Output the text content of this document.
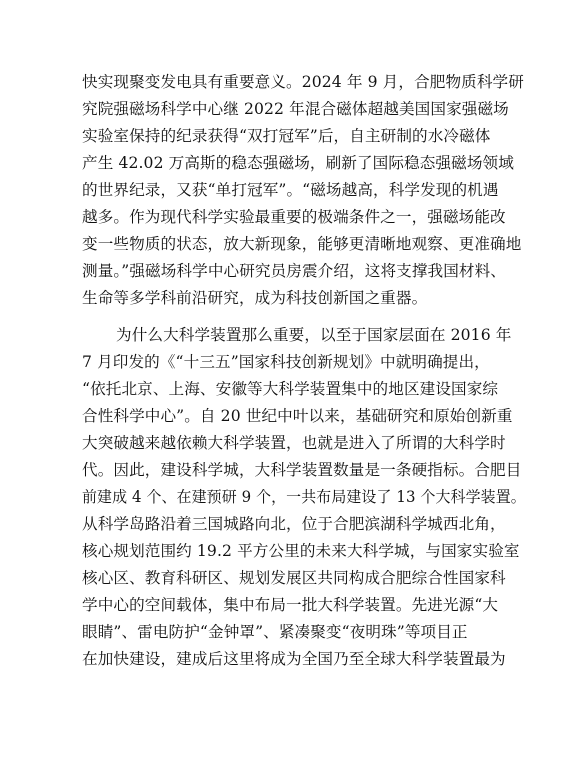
快实现聚变发电具有重要意义。2024 年 9 月，合肥物质科学研
究院强磁场科学中心继 2022 年混合磁体超越美国国家强磁场
实验室保持的纪录获得“双打冠军”后，自主研制的水冷磁体
产生 42.02 万高斯的稳态强磁场，刷新了国际稳态强磁场领域
的世界纪录，又获“单打冠军”。“磁场越高，科学发现的机遇
越多。作为现代科学实验最重要的极端条件之一，强磁场能改
变一些物质的状态，放大新现象，能够更清晰地观察、更准确地
测量。”强磁场科学中心研究员房震介绍，这将支撑我国材料、
生命等多学科前沿研究，成为科技创新国之重器。
为什么大科学装置那么重要，以至于国家层面在 2016 年
7 月印发的《“十三五”国家科技创新规划》中就明确提出，
“依托北京、上海、安徽等大科学装置集中的地区建设国家综
合性科学中心”。自 20 世纪中叶以来，基础研究和原始创新重
大突破越来越依赖大科学装置，也就是进入了所谓的大科学时
代。因此，建设科学城，大科学装置数量是一条硬指标。合肥目
前建成 4 个、在建预研 9 个，一共布局建设了 13 个大科学装置。
从科学岛路沿着三国城路向北，位于合肥滨湖科学城西北角，
核心规划范围约 19.2 平方公里的未来大科学城，与国家实验室
核心区、教育科研区、规划发展区共同构成合肥综合性国家科
学中心的空间载体，集中布局一批大科学装置。先进光源“大
眼睛”、雷电防护“金钟罩”、紧凑聚变“夜明珠”等项目正
在加快建设，建成后这里将成为全国乃至全球大科学装置最为
